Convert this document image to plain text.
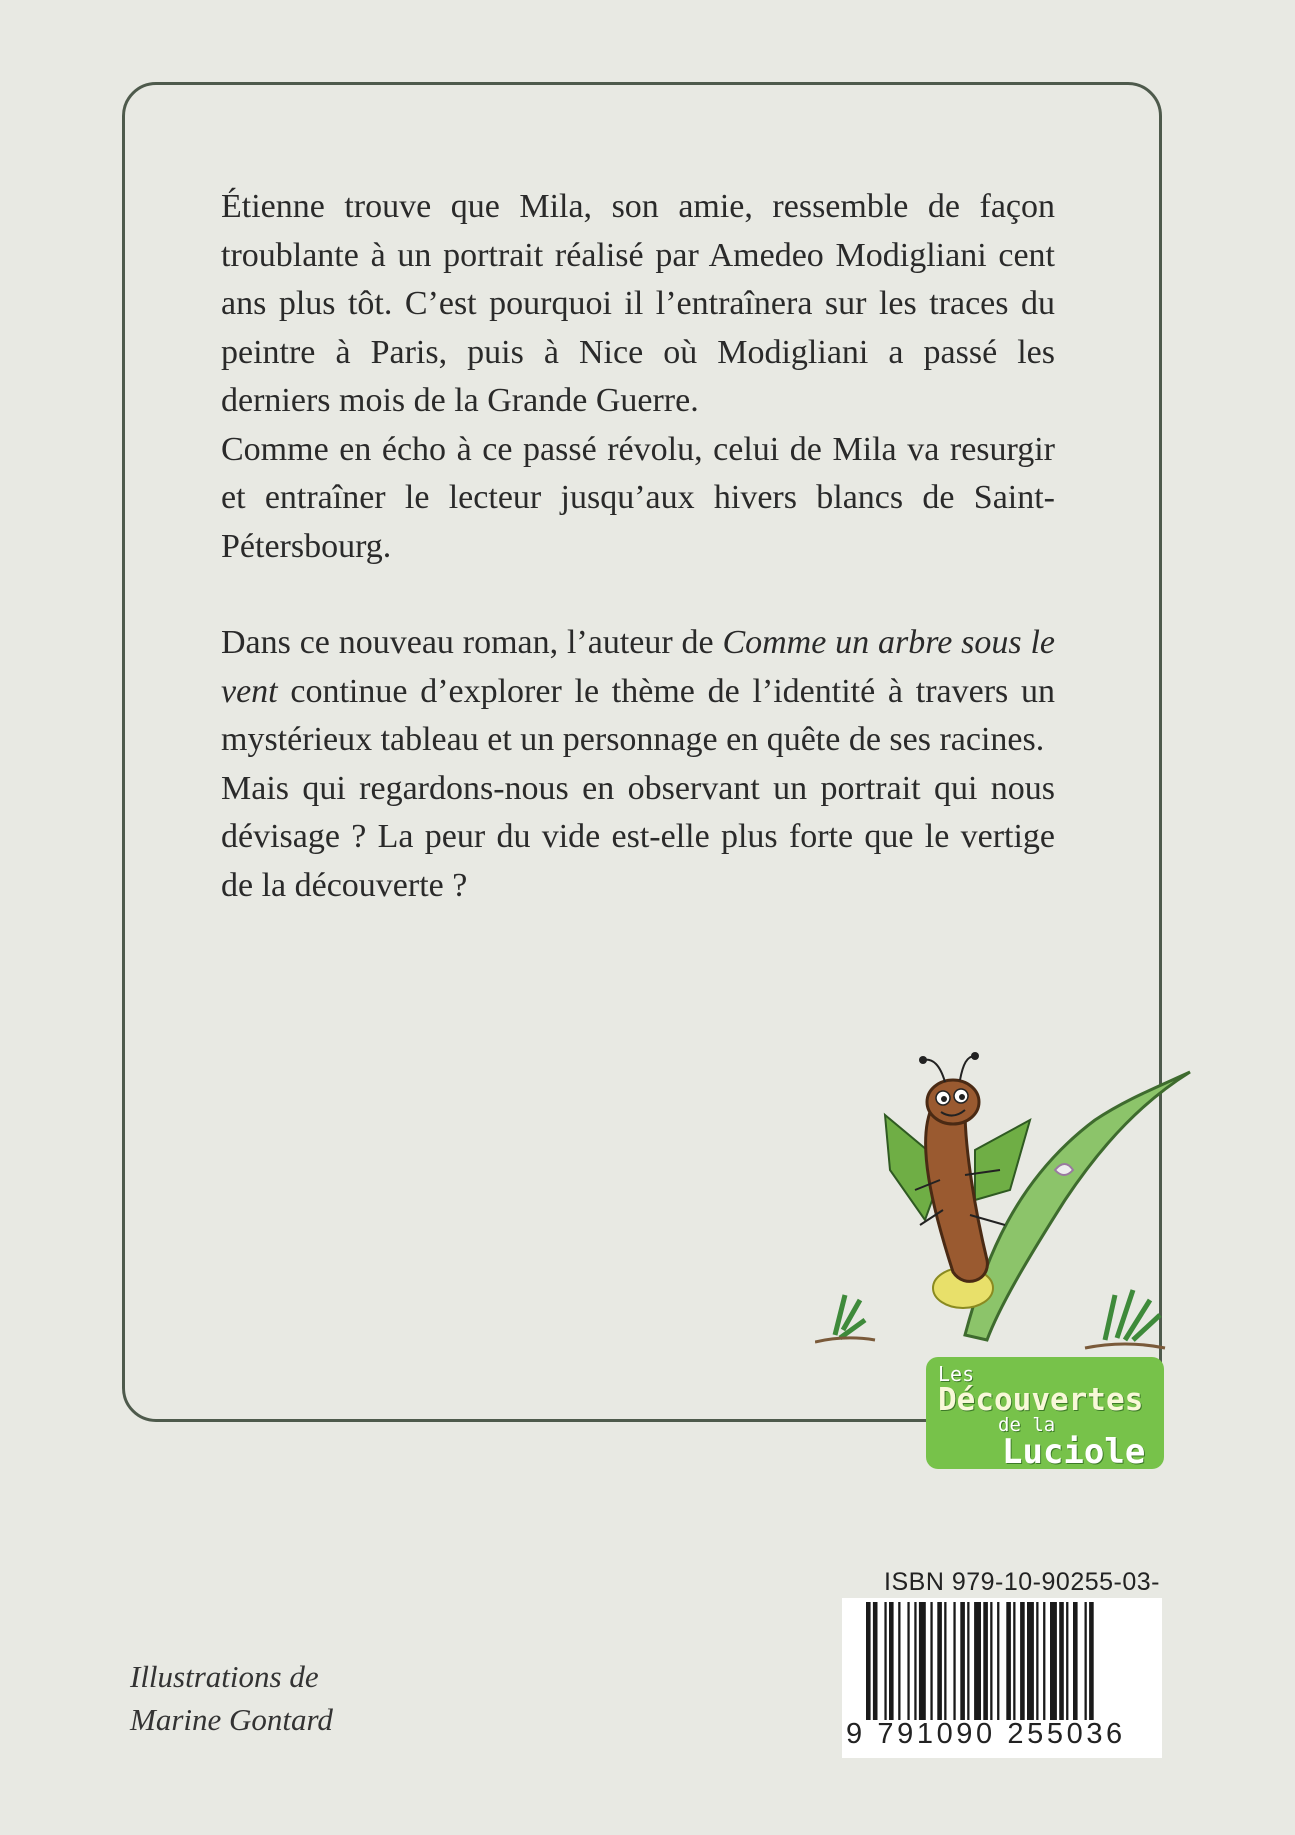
Étienne trouve que Mila, son amie, ressemble de façon troublante à un portrait réalisé par Amedeo Modigliani cent ans plus tôt. C’est pourquoi il l’entraînera sur les traces du peintre à Paris, puis à Nice où Modigliani a passé les derniers mois de la Grande Guerre.

Comme en écho à ce passé révolu, celui de Mila va resurgir et entraîner le lecteur jusqu’aux hivers blancs de Saint-Pétersbourg.

Dans ce nouveau roman, l’auteur de Comme un arbre sous le vent continue d’explorer le thème de l’identité à travers un mystérieux tableau et un personnage en quête de ses racines.

Mais qui regardons-nous en observant un portrait qui nous dévisage ? La peur du vide est-elle plus forte que le vertige de la découverte ?

Les
Découvertes
de la
Luciole
Illustrations de
Marine Gontard
ISBN 979-10-90255-03-
9 791090 255036
